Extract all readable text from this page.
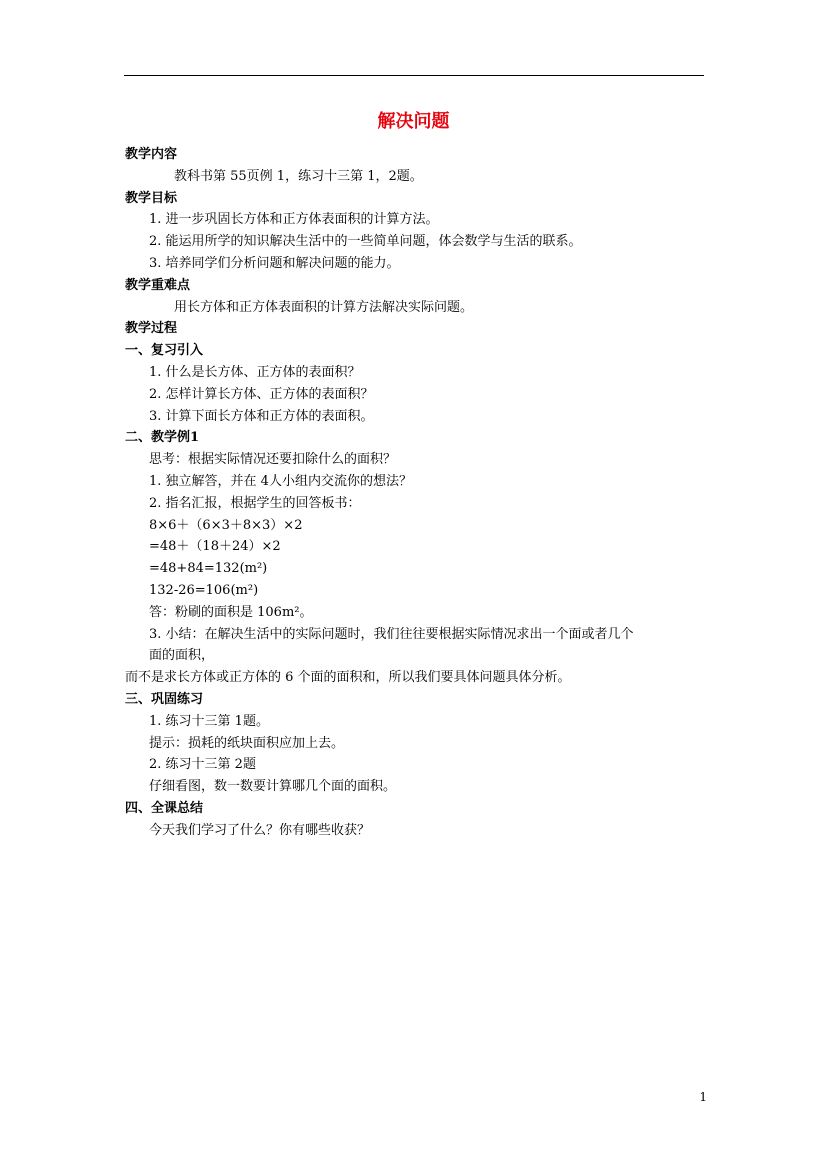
解决问题
教学内容
教科书第 55页例 1，练习十三第 1，2题。
教学目标
1. 进一步巩固长方体和正方体表面积的计算方法。
2. 能运用所学的知识解决生活中的一些简单问题，体会数学与生活的联系。
3. 培养同学们分析问题和解决问题的能力。
教学重难点
用长方体和正方体表面积的计算方法解决实际问题。
教学过程
一、复习引入
1. 什么是长方体、正方体的表面积？
2. 怎样计算长方体、正方体的表面积？
3. 计算下面长方体和正方体的表面积。
二、教学例1
思考：根据实际情况还要扣除什么的面积？
1. 独立解答，并在 4人小组内交流你的想法？
2. 指名汇报，根据学生的回答板书：
8×6＋（6×3＋8×3）×2
=48＋（18＋24）×2
=48+84=132(m²)
132-26=106(m²)
答：粉刷的面积是 106m²。
3. 小结：在解决生活中的实际问题时，我们往往要根据实际情况求出一个面或者几个
面的面积，
而不是求长方体或正方体的 6 个面的面积和，所以我们要具体问题具体分析。
三、巩固练习
1. 练习十三第 1题。
提示：损耗的纸块面积应加上去。
2. 练习十三第 2题
仔细看图，数一数要计算哪几个面的面积。
四、全课总结
今天我们学习了什么？你有哪些收获？
1
